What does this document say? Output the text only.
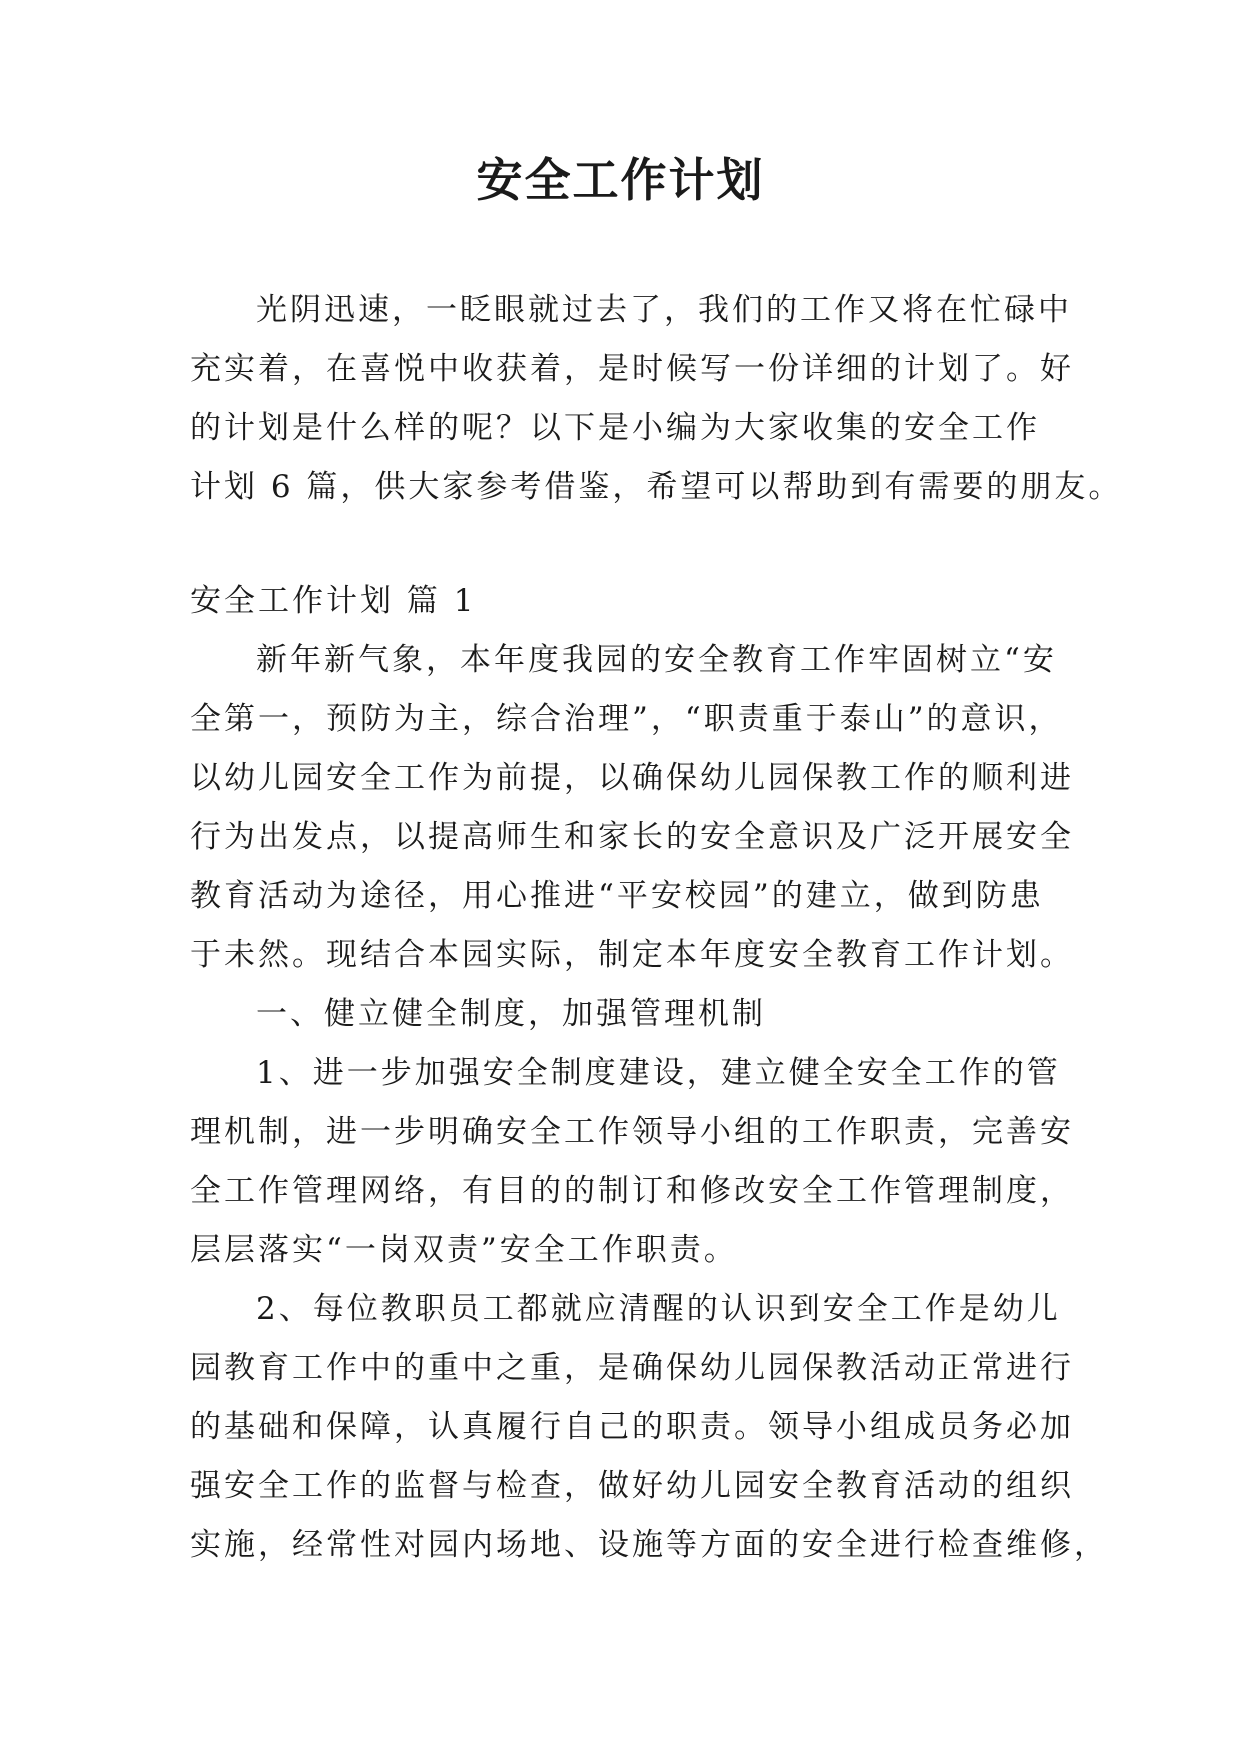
安全工作计划
光阴迅速，一眨眼就过去了，我们的工作又将在忙碌中
充实着，在喜悦中收获着，是时候写一份详细的计划了。好
的计划是什么样的呢？以下是小编为大家收集的安全工作
计划 6 篇，供大家参考借鉴，希望可以帮助到有需要的朋友。
安全工作计划 篇 1
新年新气象，本年度我园的安全教育工作牢固树立“安
全第一，预防为主，综合治理”，“职责重于泰山”的意识，
以幼儿园安全工作为前提，以确保幼儿园保教工作的顺利进
行为出发点，以提高师生和家长的安全意识及广泛开展安全
教育活动为途径，用心推进“平安校园”的建立，做到防患
于未然。现结合本园实际，制定本年度安全教育工作计划。
一、健立健全制度，加强管理机制
1、进一步加强安全制度建设，建立健全安全工作的管
理机制，进一步明确安全工作领导小组的工作职责，完善安
全工作管理网络，有目的的制订和修改安全工作管理制度，
层层落实“一岗双责”安全工作职责。
2、每位教职员工都就应清醒的认识到安全工作是幼儿
园教育工作中的重中之重，是确保幼儿园保教活动正常进行
的基础和保障，认真履行自己的职责。领导小组成员务必加
强安全工作的监督与检查，做好幼儿园安全教育活动的组织
实施，经常性对园内场地、设施等方面的安全进行检查维修，
